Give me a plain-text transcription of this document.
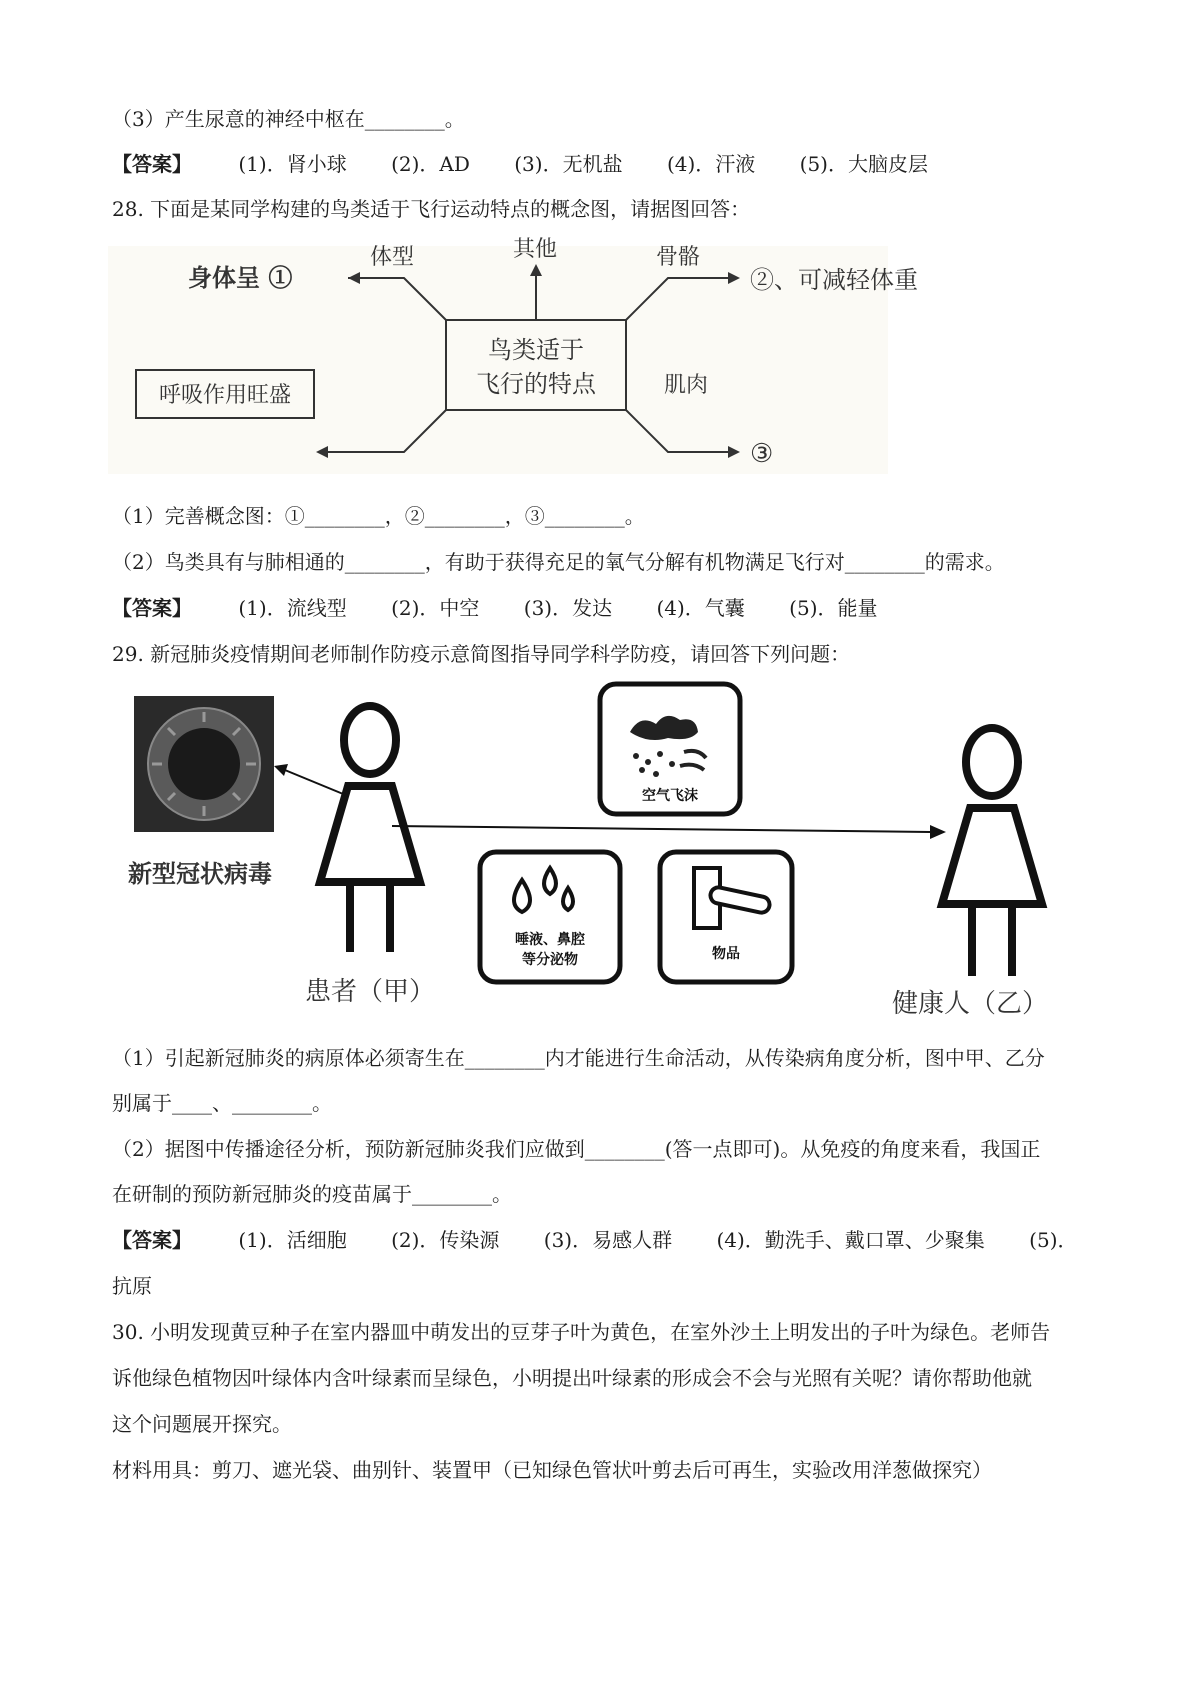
（3）产生尿意的神经中枢在________。
【答案】 (1)．肾小球 (2)．AD (3)．无机盐 (4)．汗液 (5)．大脑皮层
28. 下面是某同学构建的鸟类适于飞行运动特点的概念图，请据图回答：
鸟类适于
飞行的特点
体型	其他	骨骼
肌肉
身体呈 ①	②、可减轻体重
呼吸作用旺盛
③
（1）完善概念图：①________，②________，③________。
（2）鸟类具有与肺相通的________，有助于获得充足的氧气分解有机物满足飞行对________的需求。
【答案】 (1)．流线型 (2)．中空 (3)．发达 (4)．气囊 (5)．能量
29. 新冠肺炎疫情期间老师制作防疫示意简图指导同学科学防疫，请回答下列问题：
新型冠状病毒
患者（甲）
空气飞沫
唾液、鼻腔
等分泌物	物品
健康人（乙）
（1）引起新冠肺炎的病原体必须寄生在________内才能进行生命活动，从传染病角度分析，图中甲、乙分
别属于____、________。
（2）据图中传播途径分析，预防新冠肺炎我们应做到________(答一点即可)。从免疫的角度来看，我国正
在研制的预防新冠肺炎的疫苗属于________。
【答案】 (1)．活细胞 (2)．传染源 (3)．易感人群 (4)．勤洗手、戴口罩、少聚集 (5)．
抗原
30. 小明发现黄豆种子在室内器皿中萌发出的豆芽子叶为黄色，在室外沙土上明发出的子叶为绿色。老师告
诉他绿色植物因叶绿体内含叶绿素而呈绿色，小明提出叶绿素的形成会不会与光照有关呢？请你帮助他就
这个问题展开探究。
材料用具：剪刀、遮光袋、曲别针、装置甲（已知绿色管状叶剪去后可再生，实验改用洋葱做探究）
